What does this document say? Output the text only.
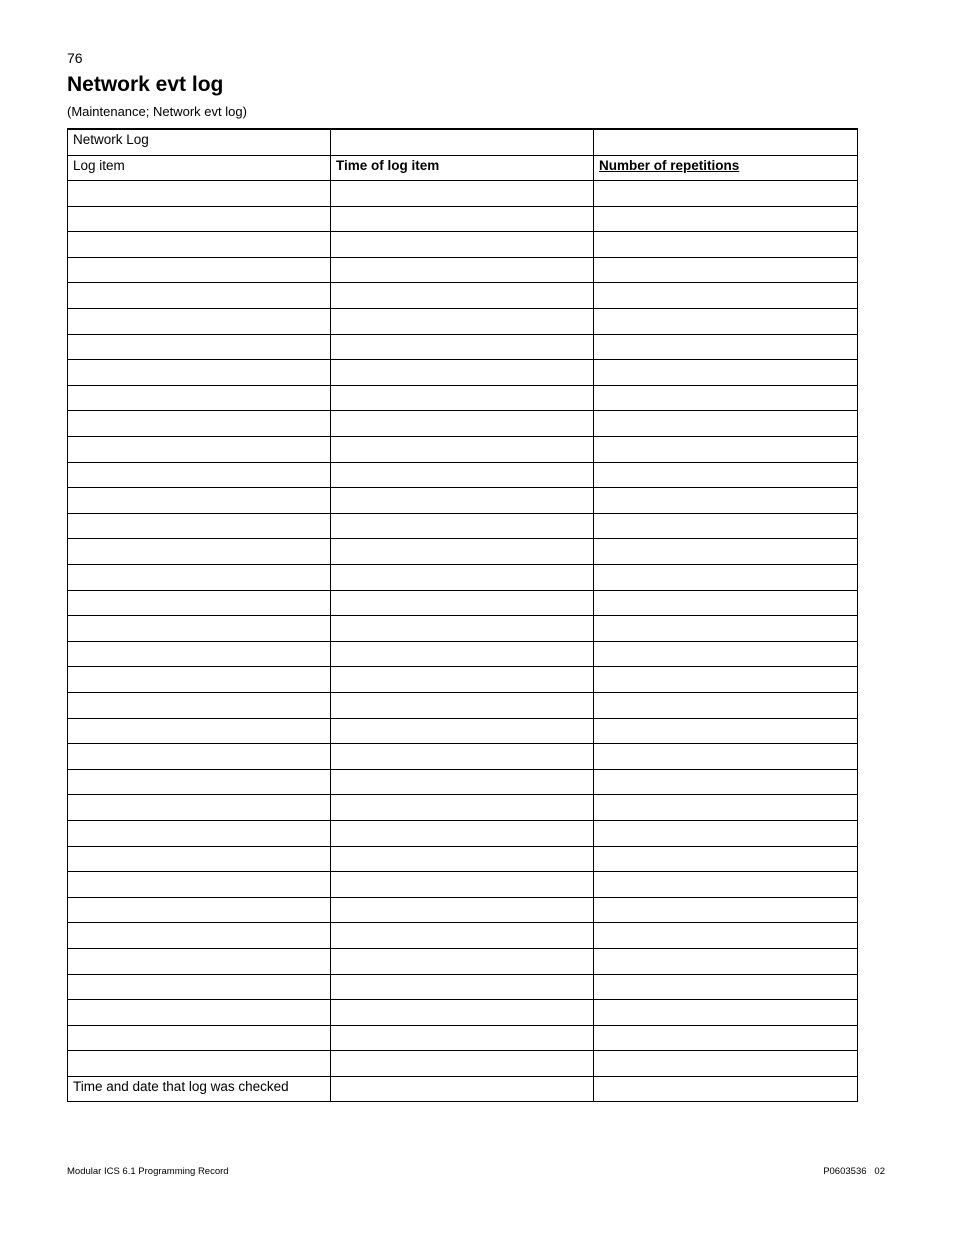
76
Network evt log
(Maintenance; Network evt log)
Network Log		
Log item	Time of log item	Number of repetitions

Time and date that log was checked		
Modular ICS 6.1 Programming Record	P0603536   02
